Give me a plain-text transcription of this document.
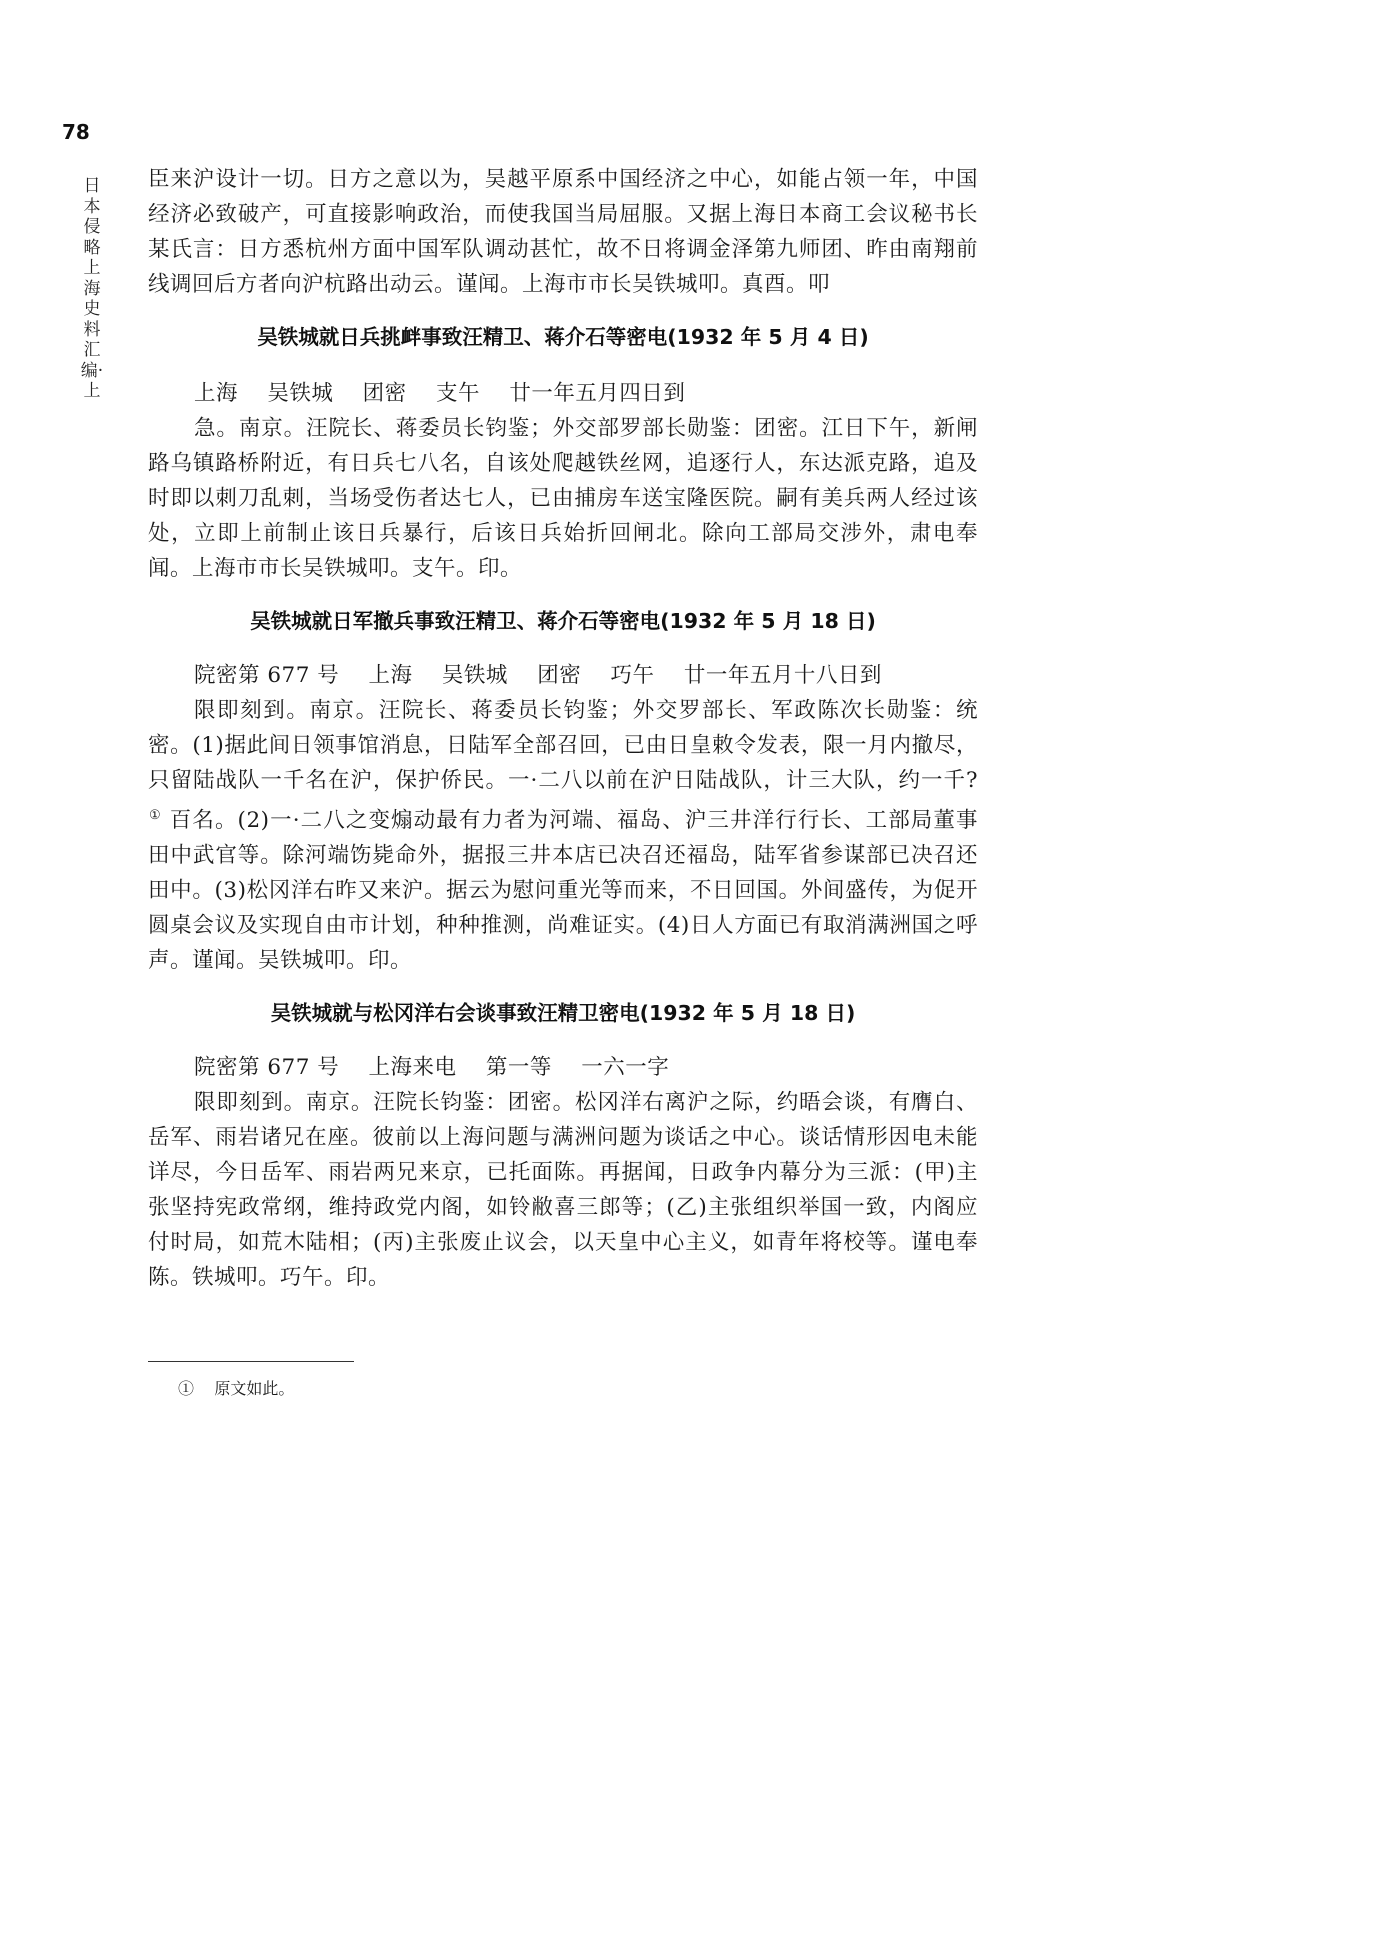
78
日本侵略上海史料汇编·上

臣来沪设计一切。日方之意以为，吴越平原系中国经济之中心，如能占领一年，中国经济必致破产，可直接影响政治，而使我国当局屈服。又据上海日本商工会议秘书长某氏言：日方悉杭州方面中国军队调动甚忙，故不日将调金泽第九师团、昨由南翔前线调回后方者向沪杭路出动云。谨闻。上海市市长吴铁城叩。真酉。叩

吴铁城就日兵挑衅事致汪精卫、蒋介石等密电(1932 年 5 月 4 日)

上海    吴铁城    团密    支午    廿一年五月四日到

急。南京。汪院长、蒋委员长钧鉴；外交部罗部长勋鉴：团密。江日下午，新闸路乌镇路桥附近，有日兵七八名，自该处爬越铁丝网，追逐行人，东达派克路，追及时即以刺刀乱刺，当场受伤者达七人，已由捕房车送宝隆医院。嗣有美兵两人经过该处，立即上前制止该日兵暴行，后该日兵始折回闸北。除向工部局交涉外，肃电奉闻。上海市市长吴铁城叩。支午。印。

吴铁城就日军撤兵事致汪精卫、蒋介石等密电(1932 年 5 月 18 日)

院密第 677 号    上海    吴铁城    团密    巧午    廿一年五月十八日到

限即刻到。南京。汪院长、蒋委员长钧鉴；外交罗部长、军政陈次长勋鉴：统密。(1)据此间日领事馆消息，日陆军全部召回，已由日皇敕令发表，限一月内撤尽，只留陆战队一千名在沪，保护侨民。一·二八以前在沪日陆战队，计三大队，约一千?① 百名。(2)一·二八之变煽动最有力者为河端、福岛、沪三井洋行行长、工部局董事田中武官等。除河端饬毙命外，据报三井本店已决召还福岛，陆军省参谋部已决召还田中。(3)松冈洋右昨又来沪。据云为慰问重光等而来，不日回国。外间盛传，为促开圆桌会议及实现自由市计划，种种推测，尚难证实。(4)日人方面已有取消满洲国之呼声。谨闻。吴铁城叩。印。

吴铁城就与松冈洋右会谈事致汪精卫密电(1932 年 5 月 18 日)

院密第 677 号    上海来电    第一等    一六一字

限即刻到。南京。汪院长钧鉴：团密。松冈洋右离沪之际，约晤会谈，有膺白、岳军、雨岩诸兄在座。彼前以上海问题与满洲问题为谈话之中心。谈话情形因电未能详尽，今日岳军、雨岩两兄来京，已托面陈。再据闻，日政争内幕分为三派：(甲)主张坚持宪政常纲，维持政党内阁，如铃敝喜三郎等；(乙)主张组织举国一致，内阁应付时局，如荒木陆相；(丙)主张废止议会，以天皇中心主义，如青年将校等。谨电奉陈。铁城叩。巧午。印。

①    原文如此。
